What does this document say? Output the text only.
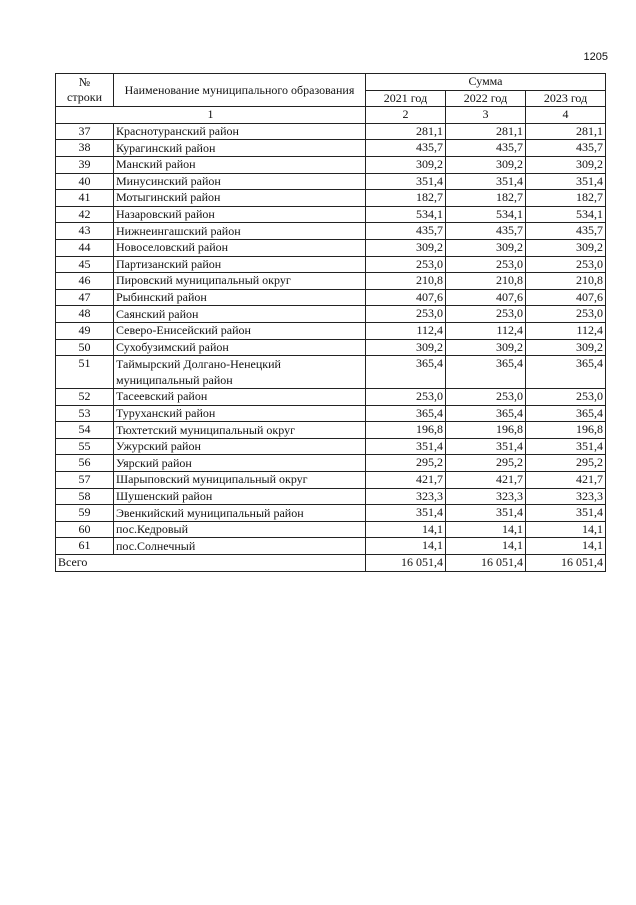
1205
№
строки	Наименование муниципального образования	Сумма		
		2021 год	2022 год	2023 год
1		2	3	4
37	Краснотуранский район	281,1	281,1	281,1
38	Курагинский район	435,7	435,7	435,7
39	Манский район	309,2	309,2	309,2
40	Минусинский район	351,4	351,4	351,4
41	Мотыгинский район	182,7	182,7	182,7
42	Назаровский район	534,1	534,1	534,1
43	Нижнеингашский район	435,7	435,7	435,7
44	Новоселовский район	309,2	309,2	309,2
45	Партизанский район	253,0	253,0	253,0
46	Пировский муниципальный округ	210,8	210,8	210,8
47	Рыбинский район	407,6	407,6	407,6
48	Саянский район	253,0	253,0	253,0
49	Северо-Енисейский район	112,4	112,4	112,4
50	Сухобузимский район	309,2	309,2	309,2
51	Таймырский Долгано-Ненецкий муниципальный район	365,4	365,4	365,4
52	Тасеевский район	253,0	253,0	253,0
53	Туруханский район	365,4	365,4	365,4
54	Тюхтетский муниципальный округ	196,8	196,8	196,8
55	Ужурский район	351,4	351,4	351,4
56	Уярский район	295,2	295,2	295,2
57	Шарыповский муниципальный округ	421,7	421,7	421,7
58	Шушенский район	323,3	323,3	323,3
59	Эвенкийский муниципальный район	351,4	351,4	351,4
60	пос.Кедровый	14,1	14,1	14,1
61	пос.Солнечный	14,1	14,1	14,1
Всего		16 051,4	16 051,4	16 051,4
